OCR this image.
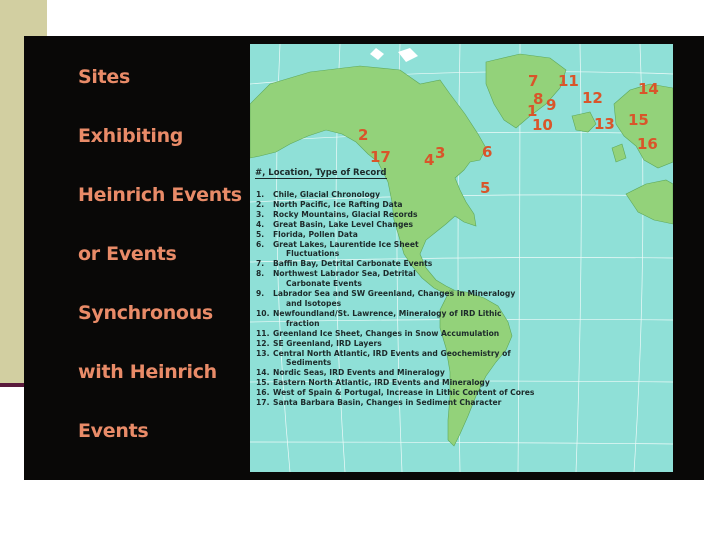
Sites
Exhibiting
Heinrich Events
or Events
Synchronous
with Heinrich
Events
1
2
3
4
5
6
7
8 9
10
11
12
13
14
15
16
17
#, Location, Type of Record
1. Chile, Glacial Chronology
2. North Pacific, Ice Rafting Data
3. Rocky Mountains, Glacial Records
4. Great Basin, Lake Level Changes
5. Florida, Pollen Data
6. Great Lakes, Laurentide Ice Sheet
Fluctuations
7. Baffin Bay, Detrital Carbonate Events
8. Northwest Labrador Sea, Detrital
Carbonate Events
9. Labrador Sea and SW Greenland, Changes in Mineralogy
and Isotopes
10. Newfoundland/St. Lawrence, Mineralogy of IRD Lithic
fraction
11. Greenland Ice Sheet, Changes in Snow Accumulation
12. SE Greenland, IRD Layers
13. Central North Atlantic, IRD Events and Geochemistry of
Sediments
14. Nordic Seas, IRD Events and Mineralogy
15. Eastern North Atlantic, IRD Events and Mineralogy
16. West of Spain & Portugal, Increase in Lithic Content of Cores
17. Santa Barbara Basin, Changes in Sediment Character
